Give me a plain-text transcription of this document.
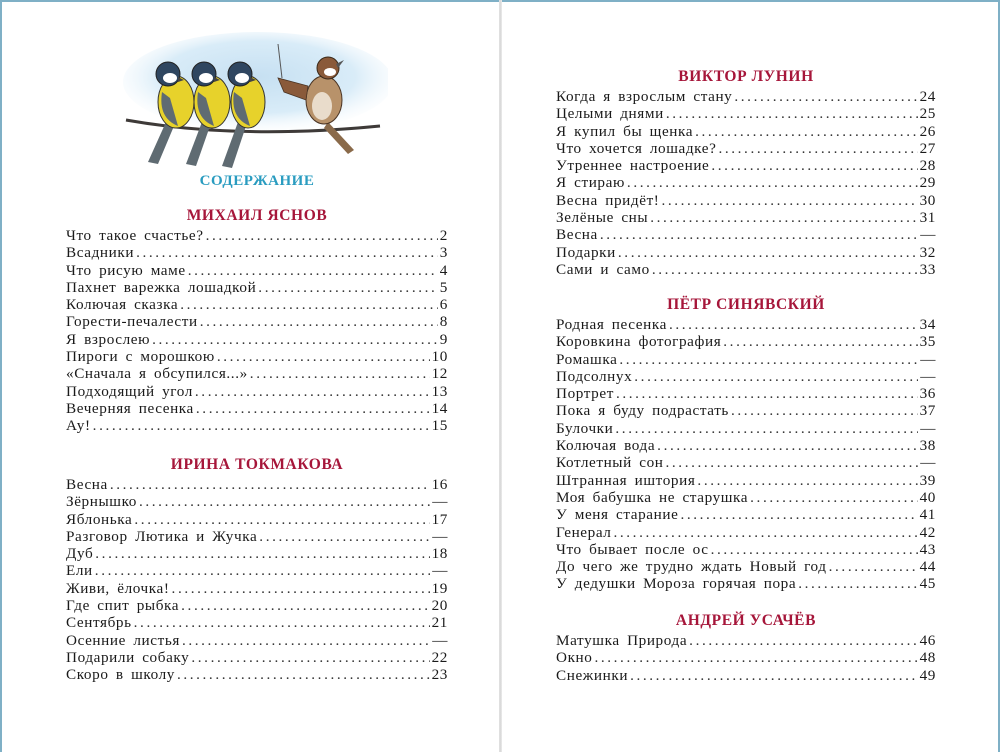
СОДЕРЖАНИЕ
МИХАИЛ ЯСНОВ
Что такое счастье? .....	2
Всадники .....	3
Что рисую маме .....	4
Пахнет варежка лошадкой .....	5
Колючая сказка .....	6
Горести-печалести .....	8
Я взрослею .....	9
Пироги с морошкою .....	10
«Сначала я обсупился...» .....	12
Подходящий угол .....	13
Вечерняя песенка .....	14
Ау! .....	15
ИРИНА ТОКМАКОВА
Весна .....	16
Зёрнышко .....	—
Яблонька .....	17
Разговор Лютика и Жучка .....	—
Дуб .....	18
Ели .....	—
Живи, ёлочка! .....	19
Где спит рыбка .....	20
Сентябрь .....	21
Осенние листья .....	—
Подарили собаку .....	22
Скоро в школу .....	23
ВИКТОР ЛУНИН
Когда я взрослым стану .....	24
Целыми днями .....	25
Я купил бы щенка .....	26
Что хочется лошадке? .....	27
Утреннее настроение .....	28
Я стираю .....	29
Весна придёт! .....	30
Зелёные сны .....	31
Весна .....	—
Подарки .....	32
Сами и само .....	33
ПЁТР СИНЯВСКИЙ
Родная песенка .....	34
Коровкина фотография .....	35
Ромашка .....	—
Подсолнух .....	—
Портрет .....	36
Пока я буду подрастать .....	37
Булочки .....	—
Колючая вода .....	38
Котлетный сон .....	—
Штранная иштория .....	39
Моя бабушка не старушка .....	40
У меня старание .....	41
Генерал .....	42
Что бывает после ос .....	43
До чего же трудно ждать Новый год .....	44
У дедушки Мороза горячая пора .....	45
АНДРЕЙ УСАЧЁВ
Матушка Природа .....	46
Окно .....	48
Снежинки .....	49
